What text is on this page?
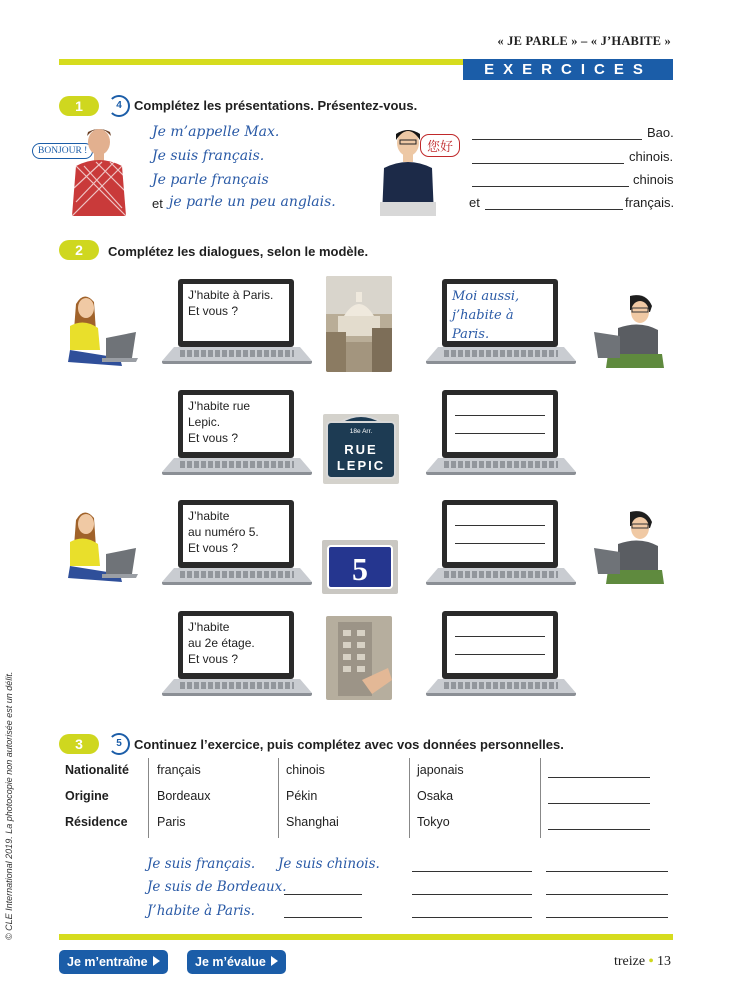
« JE PARLE » – « J’HABITE »
EXERCICES
© CLE International 2019. La photocopie non autorisée est un délit.
1	4 Complétez les présentations. Présentez-vous.
BONJOUR !
Je m’appelle Max.
Je suis français.
Je parle français
et je parle un peu anglais.
您好
Bao.
chinois.
chinois
et	français.
2	Complétez les dialogues, selon le modèle.
J’habite à Paris.
Et vous ?
J’habite rue Lepic.
Et vous ?
J’habite
au numéro 5.
Et vous ?
J’habite
au 2e étage.
Et vous ?
18e Arr.
RUE
LEPIC
5
Moi aussi,
j’habite à Paris.
3	5 Continuez l’exercice, puis complétez avec vos données personnelles.
Nationalité français	chinois	japonais
Origine	Bordeaux	Pékin	Osaka
Résidence Paris	Shanghai	Tokyo
Je suis français. Je suis chinois.
Je suis de Bordeaux.
J’habite à Paris.
Je m’entraîne	Je m’évalue	treize • 13
